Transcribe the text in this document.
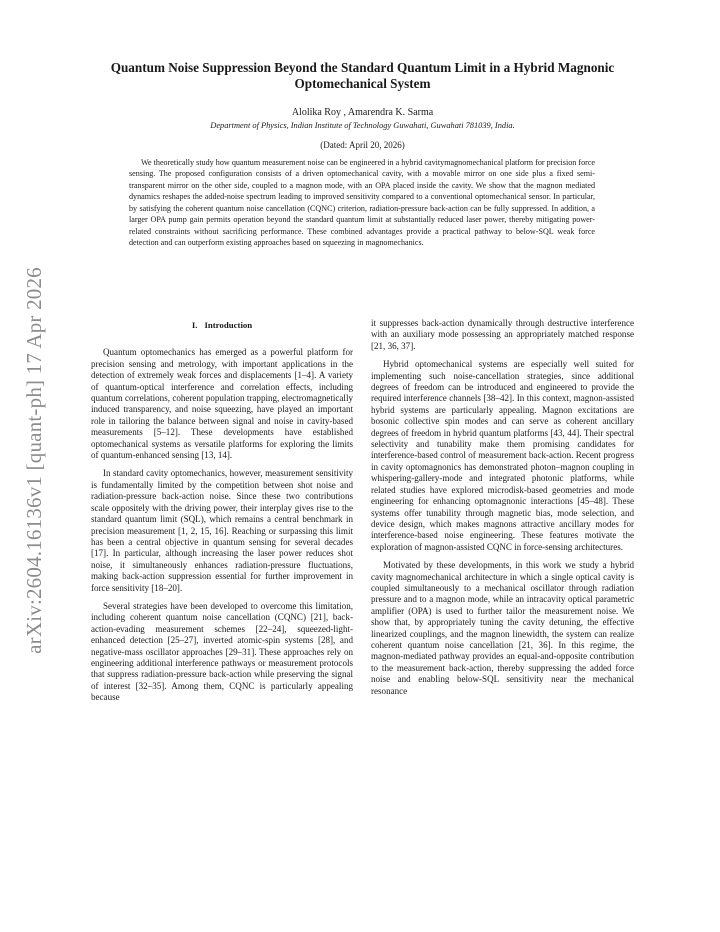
arXiv:2604.16136v1 [quant-ph] 17 Apr 2026
Quantum Noise Suppression Beyond the Standard Quantum Limit in a Hybrid Magnonic Optomechanical System
Alolika Roy , Amarendra K. Sarma
Department of Physics, Indian Institute of Technology Guwahati, Guwahati 781039, India.
(Dated: April 20, 2026)

We theoretically study how quantum measurement noise can be engineered in a hybrid cavitymagnomechanical platform for precision force sensing. The proposed configuration consists of a driven optomechanical cavity, with a movable mirror on one side plus a fixed semi-transparent mirror on the other side, coupled to a magnon mode, with an OPA placed inside the cavity. We show that the magnon mediated dynamics reshapes the added-noise spectrum leading to improved sensitivity compared to a conventional optomechanical sensor. In particular, by satisfying the coherent quantum noise cancellation (CQNC) criterion, radiation-pressure back-action can be fully suppressed. In addition, a larger OPA pump gain permits operation beyond the standard quantum limit at substantially reduced laser power, thereby mitigating power-related constraints without sacrificing performance. These combined advantages provide a practical pathway to below-SQL weak force detection and can outperform existing approaches based on squeezing in magnomechanics.

I. Introduction

Quantum optomechanics has emerged as a powerful platform for precision sensing and metrology, with important applications in the detection of extremely weak forces and displacements [1–4]. A variety of quantum-optical interference and correlation effects, including quantum correlations, coherent population trapping, electromagnetically induced transparency, and noise squeezing, have played an important role in tailoring the balance between signal and noise in cavity-based measurements [5–12]. These developments have established optomechanical systems as versatile platforms for exploring the limits of quantum-enhanced sensing [13, 14].

In standard cavity optomechanics, however, measurement sensitivity is fundamentally limited by the competition between shot noise and radiation-pressure back-action noise. Since these two contributions scale oppositely with the driving power, their interplay gives rise to the standard quantum limit (SQL), which remains a central benchmark in precision measurement [1, 2, 15, 16]. Reaching or surpassing this limit has been a central objective in quantum sensing for several decades [17]. In particular, although increasing the laser power reduces shot noise, it simultaneously enhances radiation-pressure fluctuations, making back-action suppression essential for further improvement in force sensitivity [18–20].

Several strategies have been developed to overcome this limitation, including coherent quantum noise cancellation (CQNC) [21], back-action-evading measurement schemes [22–24], squeezed-light-enhanced detection [25–27], inverted atomic-spin systems [28], and negative-mass oscillator approaches [29–31]. These approaches rely on engineering additional interference pathways or measurement protocols that suppress radiation-pressure back-action while preserving the signal of interest [32–35]. Among them, CQNC is particularly appealing because

it suppresses back-action dynamically through destructive interference with an auxiliary mode possessing an appropriately matched response [21, 36, 37].

Hybrid optomechanical systems are especially well suited for implementing such noise-cancellation strategies, since additional degrees of freedom can be introduced and engineered to provide the required interference channels [38–42]. In this context, magnon-assisted hybrid systems are particularly appealing. Magnon excitations are bosonic collective spin modes and can serve as coherent ancillary degrees of freedom in hybrid quantum platforms [43, 44]. Their spectral selectivity and tunability make them promising candidates for interference-based control of measurement back-action. Recent progress in cavity optomagnonics has demonstrated photon–magnon coupling in whispering-gallery-mode and integrated photonic platforms, while related studies have explored microdisk-based geometries and mode engineering for enhancing optomagnonic interactions [45–48]. These systems offer tunability through magnetic bias, mode selection, and device design, which makes magnons attractive ancillary modes for interference-based noise engineering. These features motivate the exploration of magnon-assisted CQNC in force-sensing architectures.

Motivated by these developments, in this work we study a hybrid cavity magnomechanical architecture in which a single optical cavity is coupled simultaneously to a mechanical oscillator through radiation pressure and to a magnon mode, while an intracavity optical parametric amplifier (OPA) is used to further tailor the measurement noise. We show that, by appropriately tuning the cavity detuning, the effective linearized couplings, and the magnon linewidth, the system can realize coherent quantum noise cancellation [21, 36]. In this regime, the magnon-mediated pathway provides an equal-and-opposite contribution to the measurement back-action, thereby suppressing the added force noise and enabling below-SQL sensitivity near the mechanical resonance
